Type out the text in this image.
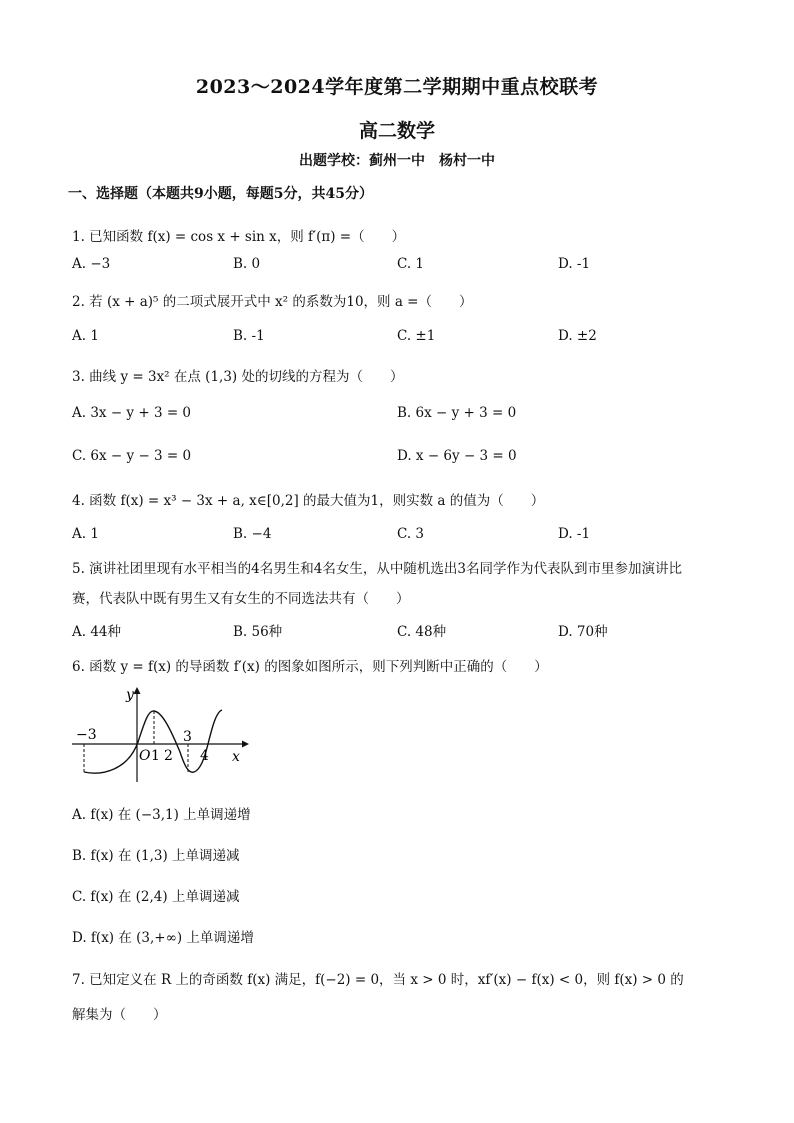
2023～2024学年度第二学期期中重点校联考
高二数学
出题学校：蓟州一中　杨村一中
一、选择题（本题共9小题，每题5分，共45分）
1. 已知函数 f(x) = cos x + sin x，则 f′(π) =（　　）
A. −3	B. 0	C. 1	D. -1
2. 若 (x + a)⁵ 的二项式展开式中 x² 的系数为10，则 a =（　　）
A. 1	B. -1	C. ±1	D. ±2
3. 曲线 y = 3x² 在点 (1,3) 处的切线的方程为（　　）
A. 3x − y + 3 = 0	B. 6x − y + 3 = 0
C. 6x − y − 3 = 0	D. x − 6y − 3 = 0
4. 函数 f(x) = x³ − 3x + a, x∈[0,2] 的最大值为1，则实数 a 的值为（　　）
A. 1	B. −4	C. 3	D. -1
5. 演讲社团里现有水平相当的4名男生和4名女生，从中随机选出3名同学作为代表队到市里参加演讲比
赛，代表队中既有男生又有女生的不同选法共有（　　）
A. 44种	B. 56种	C. 48种	D. 70种
6. 函数 y = f(x) 的导函数 f′(x) 的图象如图所示，则下列判断中正确的（　　）
y
x
−3
O 1 2
3
4
A. f(x) 在 (−3,1) 上单调递增
B. f(x) 在 (1,3) 上单调递减
C. f(x) 在 (2,4) 上单调递减
D. f(x) 在 (3,+∞) 上单调递增
7. 已知定义在 R 上的奇函数 f(x) 满足，f(−2) = 0，当 x > 0 时，xf′(x) − f(x) < 0，则 f(x) > 0 的
解集为（　　）
